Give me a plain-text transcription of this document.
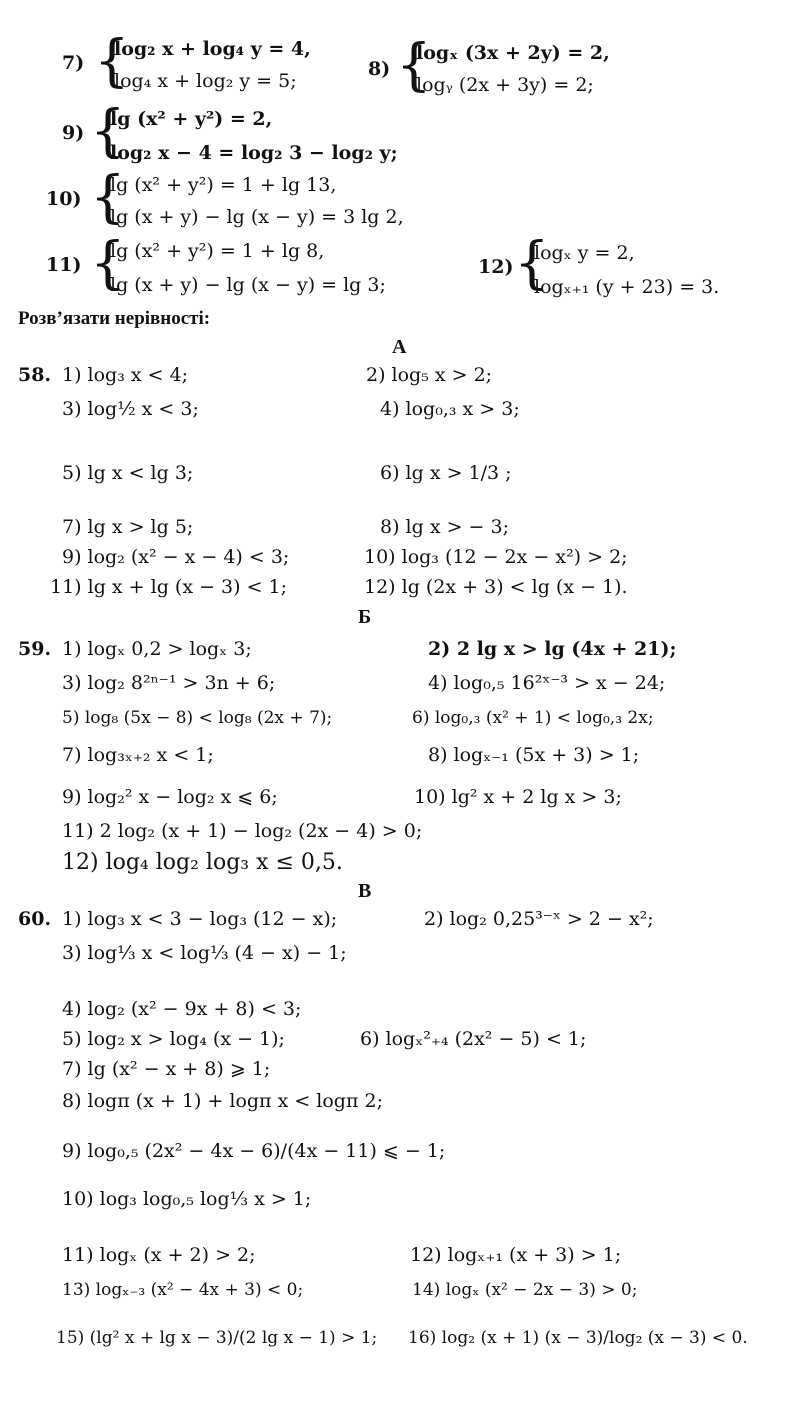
7) {
log₂ x + log₄ y = 4,
log₄ x + log₂ y = 5;
8) {
logₓ (3x + 2y) = 2,
logᵧ (2x + 3y) = 2;
9) {
lg (x² + y²) = 2,
log₂ x − 4 = log₂ 3 − log₂ y;
10) {
lg (x² + y²) = 1 + lg 13,
lg (x + y) − lg (x − y) = 3 lg 2,
11) {
lg (x² + y²) = 1 + lg 8,
lg (x + y) − lg (x − y) = lg 3;
12) {
logₓ y = 2,
logₓ₊₁ (y + 23) = 3.
Розв’язати нерівності:
А
58. 1) log₃ x < 4;	2) log₅ x > 2;
3) log½ x < 3;	4) log₀,₃ x > 3;
5) lg x < lg 3;	6) lg x > 1/3 ;
7) lg x > lg 5;	8) lg x > − 3;
9) log₂ (x² − x − 4) < 3;	10) log₃ (12 − 2x − x²) > 2;
11) lg x + lg (x − 3) < 1;	12) lg (2x + 3) < lg (x − 1).
Б
59. 1) logₓ 0,2 > logₓ 3;	2) 2 lg x > lg (4x + 21);
3) log₂ 8²ⁿ⁻¹ > 3n + 6;	4) log₀,₅ 16²ˣ⁻³ > x − 24;
5) log₈ (5x − 8) < log₈ (2x + 7);	6) log₀,₃ (x² + 1) < log₀,₃ 2x;
7) log₃ₓ₊₂ x < 1;	8) logₓ₋₁ (5x + 3) > 1;
9) log₂² x − log₂ x ⩽ 6;	10) lg² x + 2 lg x > 3;
11) 2 log₂ (x + 1) − log₂ (2x − 4) > 0;
12) log₄ log₂ log₃ x ≤ 0,5.
В
60. 1) log₃ x < 3 − log₃ (12 − x);	2) log₂ 0,25³⁻ˣ > 2 − x²;
3) log⅓ x < log⅓ (4 − x) − 1;
4) log₂ (x² − 9x + 8) < 3;
5) log₂ x > log₄ (x − 1);	6) logₓ²₊₄ (2x² − 5) < 1;
7) lg (x² − x + 8) ⩾ 1;
8) logπ (x + 1) + logπ x < logπ 2;
9) log₀,₅ (2x² − 4x − 6)/(4x − 11) ⩽ − 1;
10) log₃ log₀,₅ log⅓ x > 1;
11) logₓ (x + 2) > 2;	12) logₓ₊₁ (x + 3) > 1;
13) logₓ₋₃ (x² − 4x + 3) < 0;	14) logₓ (x² − 2x − 3) > 0;
15) (lg² x + lg x − 3)/(2 lg x − 1) > 1; 16) log₂ (x + 1) (x − 3)/log₂ (x − 3) < 0.
